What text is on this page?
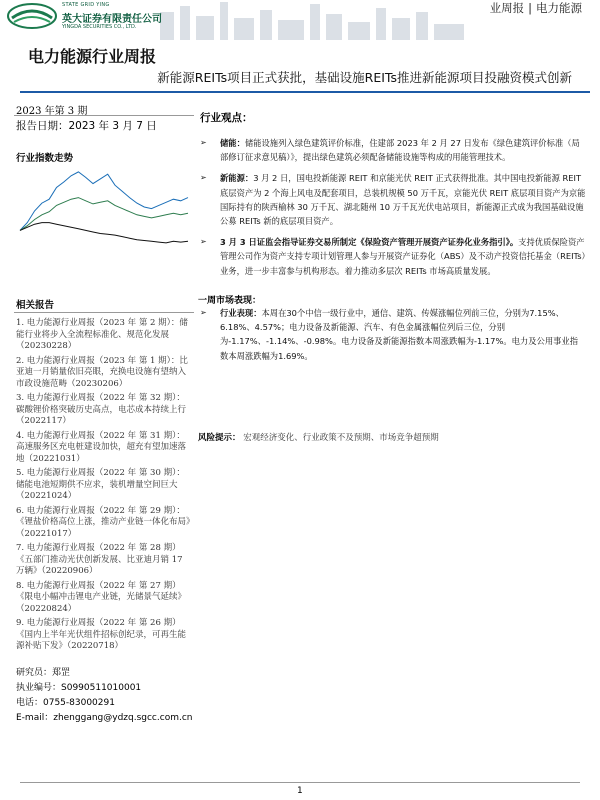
STATE GRID YING
英大证券有限责任公司
YINGDA SECURITIES CO., LTD.
业周报 | 电力能源
电力能源行业周报
新能源REITs项目正式获批，基础设施REITs推进新能源项目投融资模式创新
2023 年第 3 期
报告日期：2023 年 3 月 7 日
行业指数走势
相关报告
1. 电力能源行业周报（2023 年 第 2 期）：储能行业将步入全流程标准化、规范化发展（20230228）
2. 电力能源行业周报（2023 年 第 1 期）：比亚迪一月销量依旧亮眼，充换电设施有望纳入市政设施范畴（20230206）
3. 电力能源行业周报（2022 年 第 32 期）：碳酸锂价格突破历史高点，电芯成本持续上行（2022117）
4. 电力能源行业周报（2022 年 第 31 期）：高速服务区充电桩建设加快，超充有望加速落地（20221031）
5. 电力能源行业周报（2022 年 第 30 期）：储能电池短期供不应求，装机增量空间巨大（20221024）
6. 电力能源行业周报（2022 年 第 29 期）：《锂盐价格高位上涨，推动产业链一体化布局》（20221017）
7. 电力能源行业周报（2022 年 第 28 期）《五部门推动光伏创新发展、比亚迪月销 17 万辆》（20220906）
8. 电力能源行业周报（2022 年 第 27 期）《限电小幅冲击锂电产业链，光储景气延续》（20220824）
9. 电力能源行业周报（2022 年 第 26 期）《国内上半年光伏组件招标创纪录，可再生能源补贴下发》（20220718）
研究员：郑罡
执业编号：S0990511010001
电话：0755-83000291
E-mail：zhenggang@ydzq.sgcc.com.cn
行业观点：
➢ 储能：储能设施列入绿色建筑评价标准，住建部 2023 年 2 月 27 日发布《绿色建筑评价标准（局部修订征求意见稿）》，提出绿色建筑必须配备储能设施等构成的用能管理技术。
➢ 新能源：3 月 2 日，国电投新能源 REIT 和京能光伏 REIT 正式获得批准。其中国电投新能源 REIT 底层资产为 2 个海上风电及配套项目，总装机规模 50 万千瓦，京能光伏 REIT 底层项目资产为京能国际持有的陕西榆林 30 万千瓦、湖北随州 10 万千瓦光伏电站项目，新能源正式成为我国基础设施公募 REITs 新的底层项目资产。
➢ 3 月 3 日证监会指导证券交易所制定《保险资产管理开展资产证券化业务指引》。支持优质保险资产管理公司作为资产支持专项计划管理人参与开展资产证券化（ABS）及不动产投资信托基金（REITs）业务，进一步丰富参与机构形态。着力推动多层次 REITs 市场高质量发展。
一周市场表现：
➢ 行业表现：本周在30个中信一级行业中，通信、建筑、传媒涨幅位列前三位，分别为7.15%、6.18%、4.57%；电力设备及新能源、汽车、有色金属涨幅位列后三位，分别为-1.17%、-1.14%、-0.98%。电力设备及新能源指数本周涨跌幅为-1.17%。电力及公用事业指数本周涨跌幅为1.69%。
风险提示： 宏观经济变化、行业政策不及预期、市场竞争超预期
1
